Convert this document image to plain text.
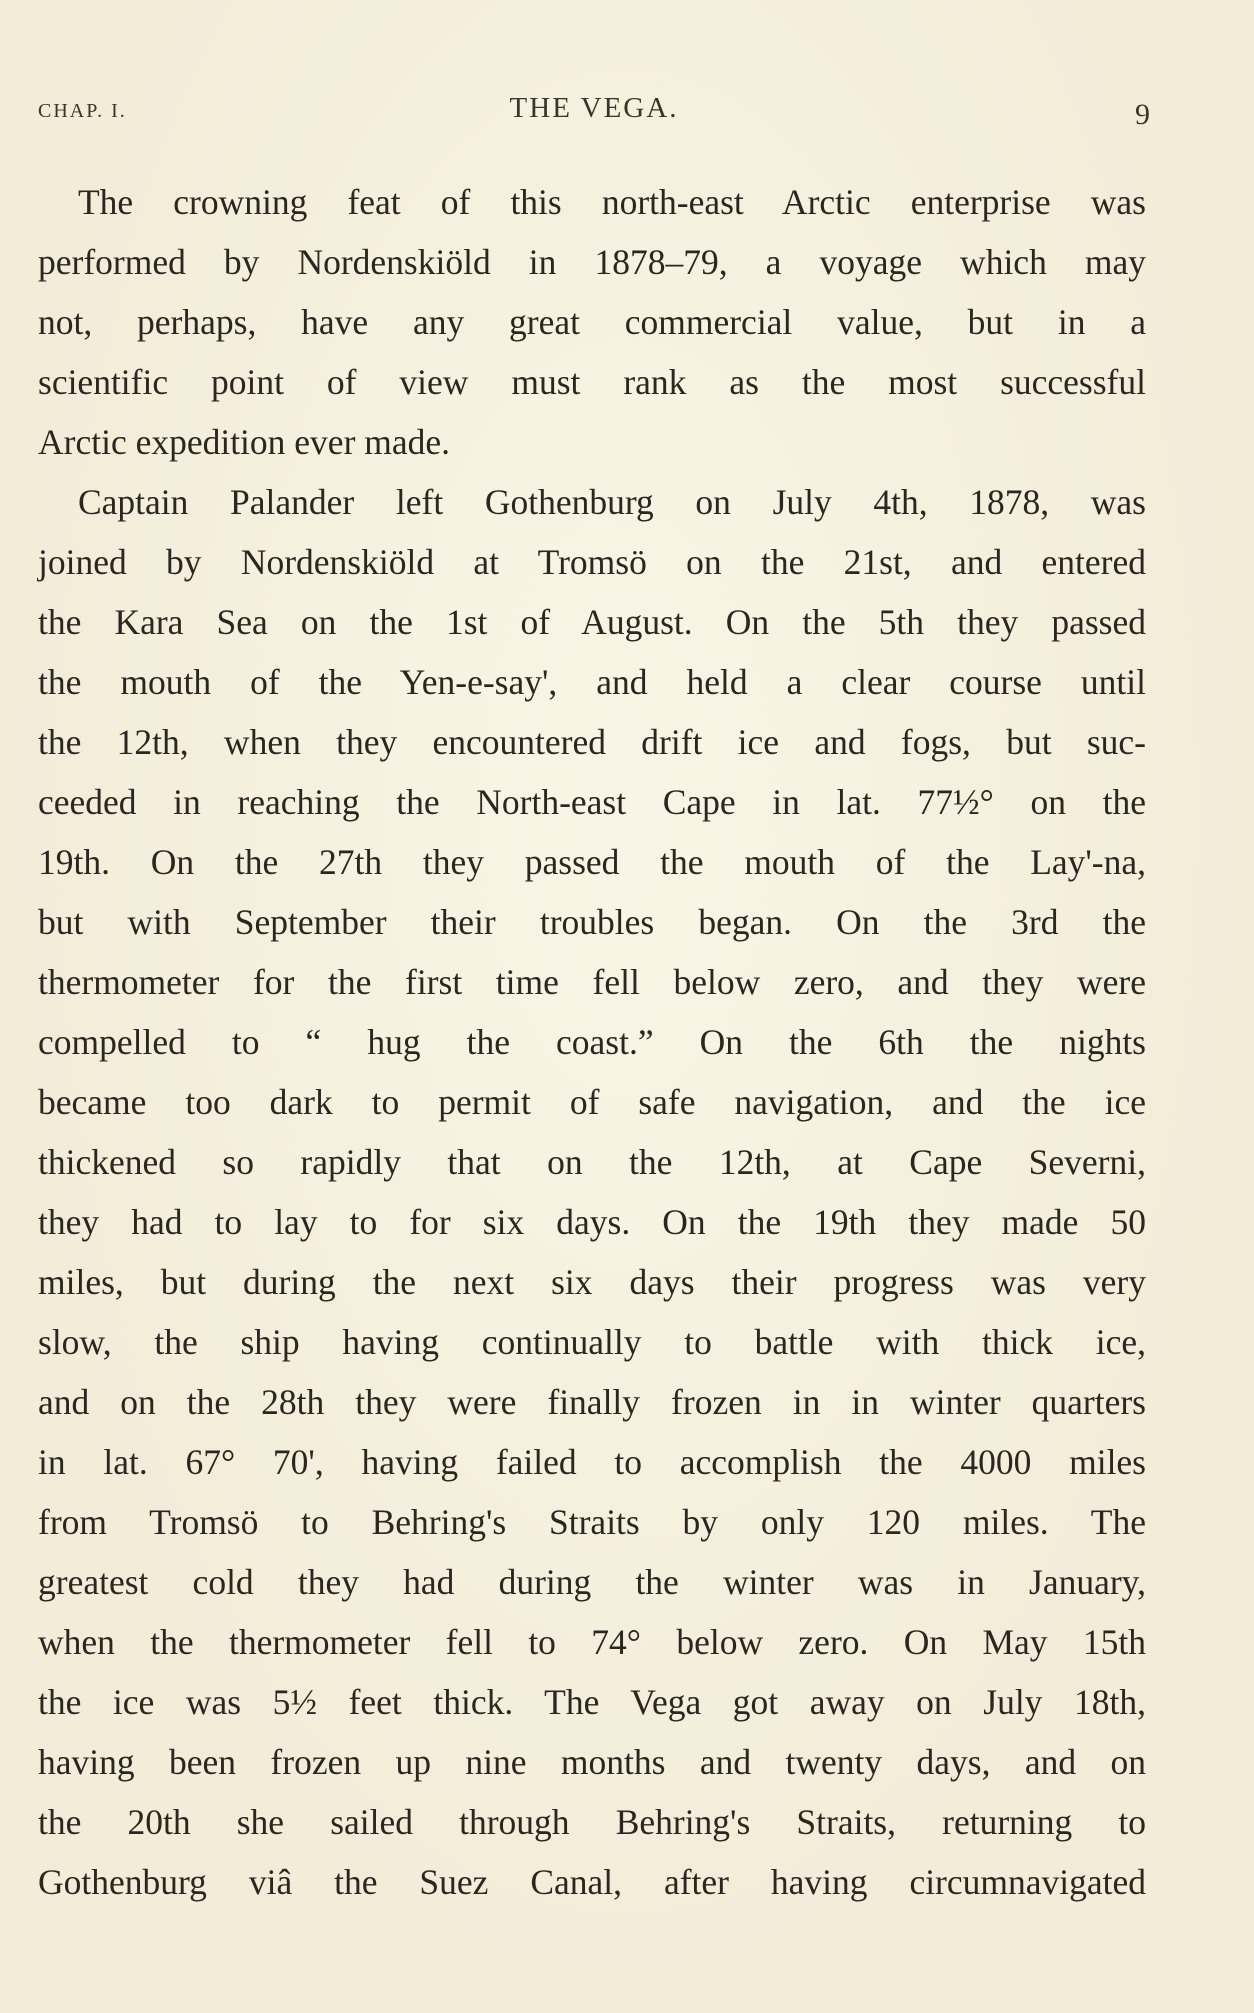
CHAP. I.	THE VEGA.	9

The crowning feat of this north-east Arctic enterprise was
performed by Nordenskiöld in 1878–79, a voyage which may
not, perhaps, have any great commercial value, but in a
scientific point of view must rank as the most successful
Arctic expedition ever made.

Captain Palander left Gothenburg on July 4th, 1878, was
joined by Nordenskiöld at Tromsö on the 21st, and entered
the Kara Sea on the 1st of August. On the 5th they passed
the mouth of the Yen-e-say', and held a clear course until
the 12th, when they encountered drift ice and fogs, but suc-
ceeded in reaching the North-east Cape in lat. 77½° on the
19th. On the 27th they passed the mouth of the Lay'-na,
but with September their troubles began. On the 3rd the
thermometer for the first time fell below zero, and they were
compelled to “ hug the coast.” On the 6th the nights
became too dark to permit of safe navigation, and the ice
thickened so rapidly that on the 12th, at Cape Severni,
they had to lay to for six days. On the 19th they made 50
miles, but during the next six days their progress was very
slow, the ship having continually to battle with thick ice,
and on the 28th they were finally frozen in in winter quarters
in lat. 67° 70', having failed to accomplish the 4000 miles
from Tromsö to Behring's Straits by only 120 miles. The
greatest cold they had during the winter was in January,
when the thermometer fell to 74° below zero. On May 15th
the ice was 5½ feet thick. The Vega got away on July 18th,
having been frozen up nine months and twenty days, and on
the 20th she sailed through Behring's Straits, returning to
Gothenburg viâ the Suez Canal, after having circumnavigated
